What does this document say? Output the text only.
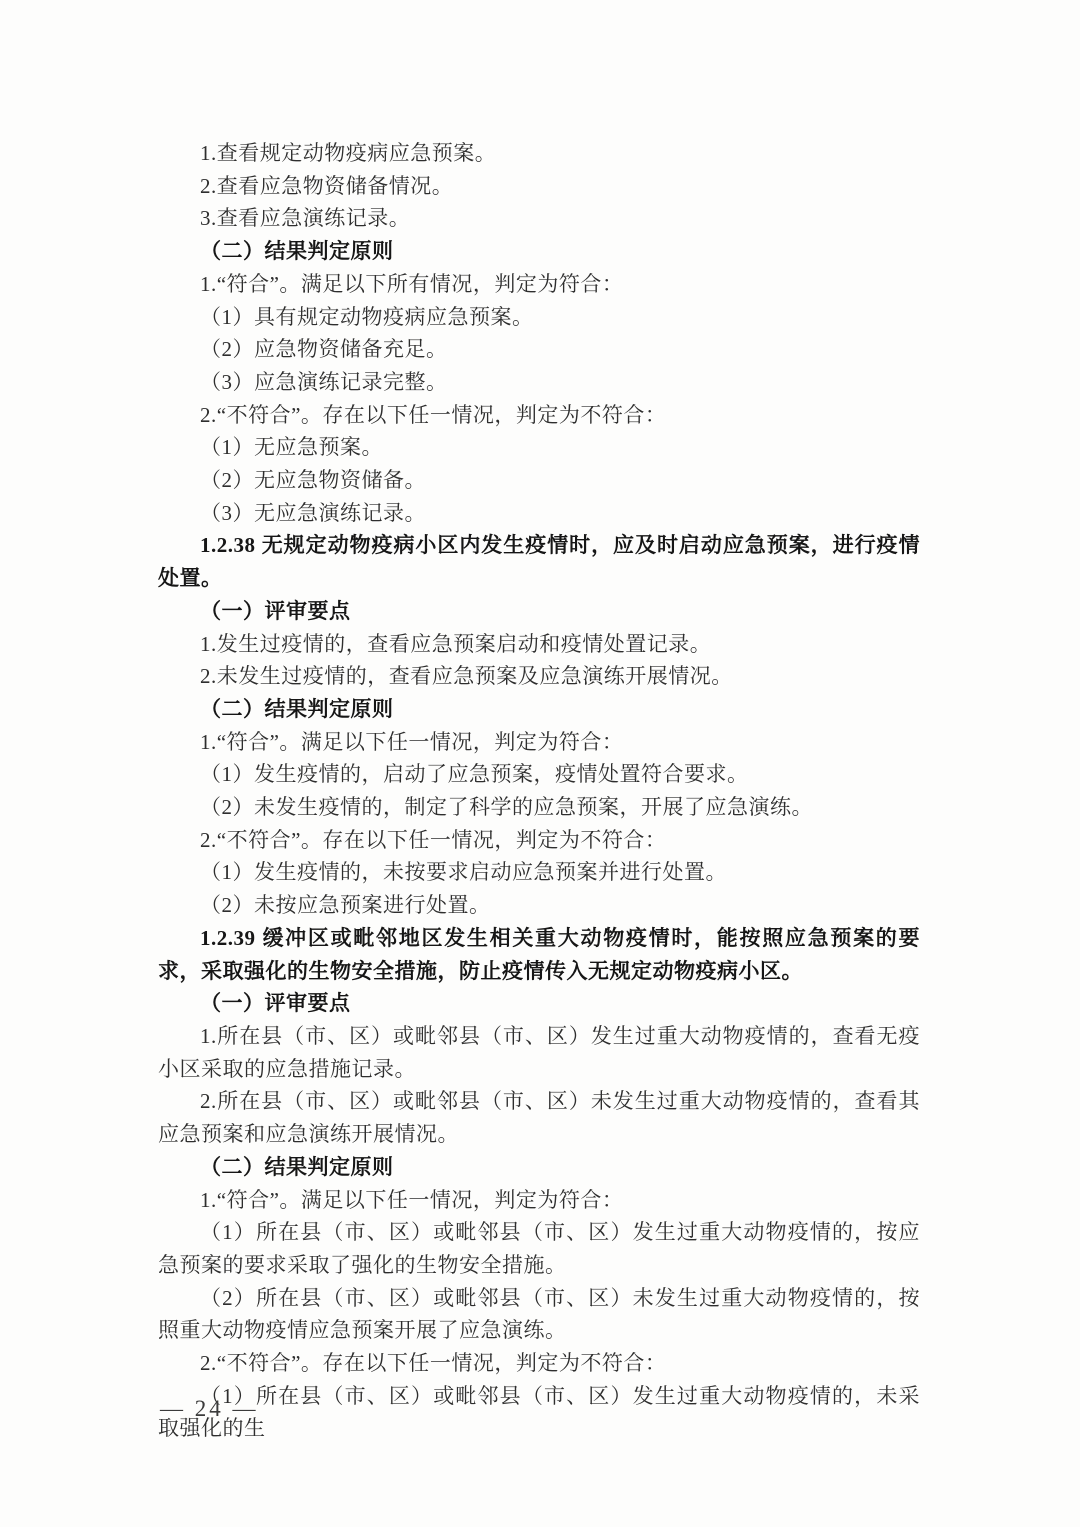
1.查看规定动物疫病应急预案。

2.查看应急物资储备情况。

3.查看应急演练记录。

（二）结果判定原则

1.“符合”。满足以下所有情况，判定为符合：

（1）具有规定动物疫病应急预案。

（2）应急物资储备充足。

（3）应急演练记录完整。

2.“不符合”。存在以下任一情况，判定为不符合：

（1）无应急预案。

（2）无应急物资储备。

（3）无应急演练记录。

1.2.38 无规定动物疫病小区内发生疫情时，应及时启动应急预案，进行疫情处置。

（一）评审要点

1.发生过疫情的，查看应急预案启动和疫情处置记录。

2.未发生过疫情的，查看应急预案及应急演练开展情况。

（二）结果判定原则

1.“符合”。满足以下任一情况，判定为符合：

（1）发生疫情的，启动了应急预案，疫情处置符合要求。

（2）未发生疫情的，制定了科学的应急预案，开展了应急演练。

2.“不符合”。存在以下任一情况，判定为不符合：

（1）发生疫情的，未按要求启动应急预案并进行处置。

（2）未按应急预案进行处置。

1.2.39 缓冲区或毗邻地区发生相关重大动物疫情时，能按照应急预案的要求，采取强化的生物安全措施，防止疫情传入无规定动物疫病小区。

（一）评审要点

1.所在县（市、区）或毗邻县（市、区）发生过重大动物疫情的，查看无疫小区采取的应急措施记录。

2.所在县（市、区）或毗邻县（市、区）未发生过重大动物疫情的，查看其应急预案和应急演练开展情况。

（二）结果判定原则

1.“符合”。满足以下任一情况，判定为符合：

（1）所在县（市、区）或毗邻县（市、区）发生过重大动物疫情的，按应急预案的要求采取了强化的生物安全措施。

（2）所在县（市、区）或毗邻县（市、区）未发生过重大动物疫情的，按照重大动物疫情应急预案开展了应急演练。

2.“不符合”。存在以下任一情况，判定为不符合：

（1）所在县（市、区）或毗邻县（市、区）发生过重大动物疫情的，未采取强化的生

— 24 —
